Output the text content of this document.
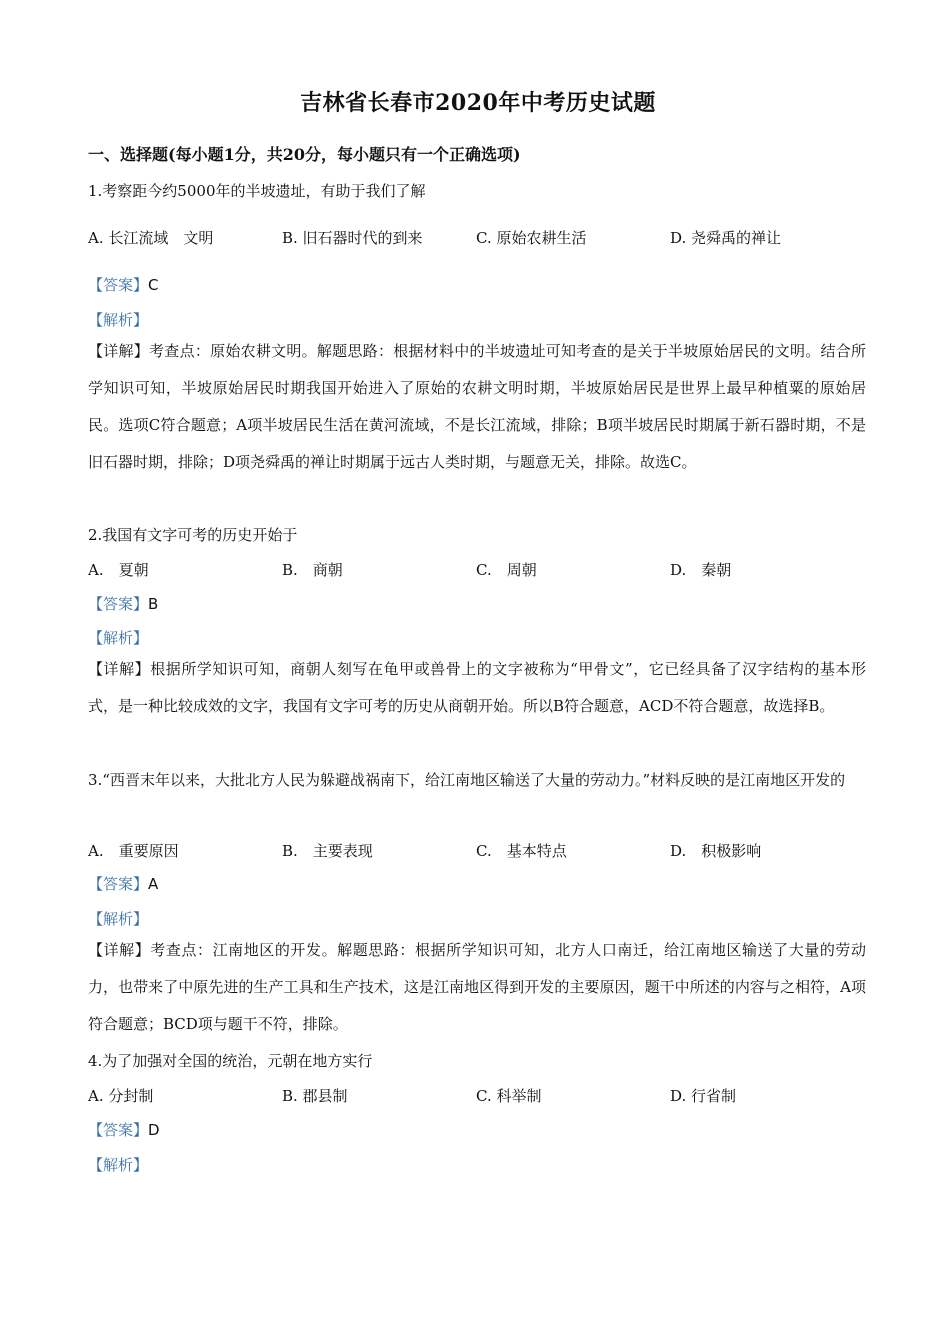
吉林省长春市2020年中考历史试题
一、选择题(每小题1分，共20分，每小题只有一个正确选项)
1.考察距今约5000年的半坡遗址，有助于我们了解
A. 长江流域　文明	B. 旧石器时代的到来	C. 原始农耕生活	D. 尧舜禹的禅让
【答案】C
【解析】
【详解】考查点：原始农耕文明。解题思路：根据材料中的半坡遗址可知考查的是关于半坡原始居民的文明。结合所学知识可知，半坡原始居民时期我国开始进入了原始的农耕文明时期，半坡原始居民是世界上最早种植粟的原始居民。选项C符合题意；A项半坡居民生活在黄河流域，不是长江流域，排除；B项半坡居民时期属于新石器时期，不是旧石器时期，排除；D项尧舜禹的禅让时期属于远古人类时期，与题意无关，排除。故选C。
2.我国有文字可考的历史开始于
A.　夏朝	B.　商朝	C.　周朝	D.　秦朝
【答案】B
【解析】
【详解】根据所学知识可知，商朝人刻写在龟甲或兽骨上的文字被称为“甲骨文”，它已经具备了汉字结构的基本形式，是一种比较成效的文字，我国有文字可考的历史从商朝开始。所以B符合题意，ACD不符合题意，故选择B。
3.“西晋末年以来，大批北方人民为躲避战祸南下，给江南地区输送了大量的劳动力。”材料反映的是江南地区开发的
A.　重要原因	B.　主要表现	C.　基本特点	D.　积极影响
【答案】A
【解析】
【详解】考查点：江南地区的开发。解题思路：根据所学知识可知，北方人口南迁，给江南地区输送了大量的劳动力，也带来了中原先进的生产工具和生产技术，这是江南地区得到开发的主要原因，题干中所述的内容与之相符，A项符合题意；BCD项与题干不符，排除。
4.为了加强对全国的统治，元朝在地方实行
A. 分封制	B. 郡县制	C. 科举制	D. 行省制
【答案】D
【解析】
